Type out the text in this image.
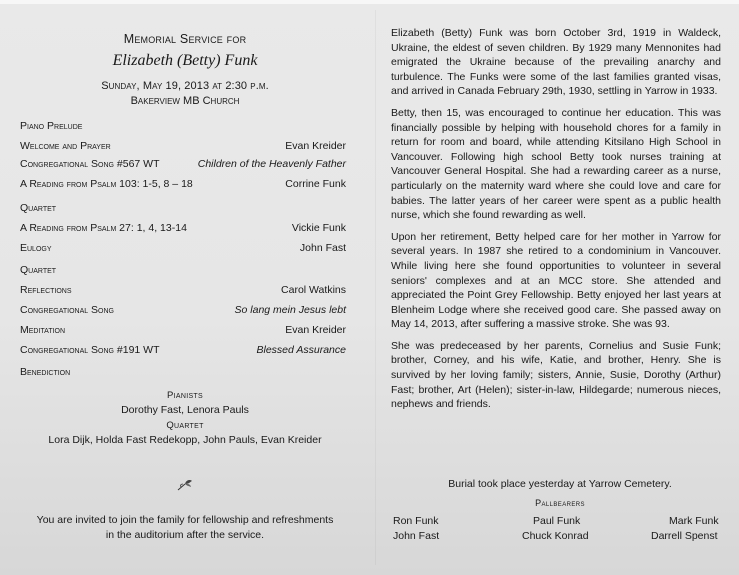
Memorial Service for
Elizabeth (Betty) Funk
Sunday, May 19, 2013 at 2:30 p.m.
Bakerview MB Church
Piano Prelude
Welcome and Prayer	Evan Kreider
Congregational Song #567 WT	Children of the Heavenly Father
A Reading from Psalm 103: 1-5, 8 – 18	Corrine Funk
Quartet
A Reading from Psalm 27: 1, 4, 13-14	Vickie Funk
Eulogy	John Fast
Quartet
Reflections	Carol Watkins
Congregational Song	So lang mein Jesus lebt
Meditation	Evan Kreider
Congregational Song #191 WT	Blessed Assurance
Benediction
Pianists
Dorothy Fast, Lenora Pauls
Quartet
Lora Dijk, Holda Fast Redekopp, John Pauls, Evan Kreider
You are invited to join the family for fellowship and refreshments
in the auditorium after the service.

Elizabeth (Betty) Funk was born October 3rd, 1919 in Waldeck, Ukraine, the eldest of seven children. By 1929 many Mennonites had emigrated the Ukraine because of the prevailing anarchy and turbulence. The Funks were some of the last families granted visas, and arrived in Canada February 29th, 1930, settling in Yarrow in 1933.

Betty, then 15, was encouraged to continue her education. This was financially possible by helping with household chores for a family in return for room and board, while attending Kitsilano High School in Vancouver. Following high school Betty took nurses training at Vancouver General Hospital. She had a rewarding career as a nurse, particularly on the maternity ward where she could love and care for babies. The latter years of her career were spent as a public health nurse, which she found rewarding as well.

Upon her retirement, Betty helped care for her mother in Yarrow for several years. In 1987 she retired to a condominium in Vancouver. While living here she found opportunities to volunteer in several seniors' complexes and at an MCC store. She attended and appreciated the Point Grey Fellowship. Betty enjoyed her last years at Blenheim Lodge where she received good care. She passed away on May 14, 2013, after suffering a massive stroke. She was 93.

She was predeceased by her parents, Cornelius and Susie Funk; brother, Corney, and his wife, Katie, and brother, Henry. She is survived by her loving family; sisters, Annie, Susie, Dorothy (Arthur) Fast; brother, Art (Helen); sister-in-law, Hildegarde; numerous nieces, nephews and friends.

Burial took place yesterday at Yarrow Cemetery.
Pallbearers
Ron Funk	Paul Funk	Mark Funk
John Fast	Chuck Konrad	Darrell Spenst
